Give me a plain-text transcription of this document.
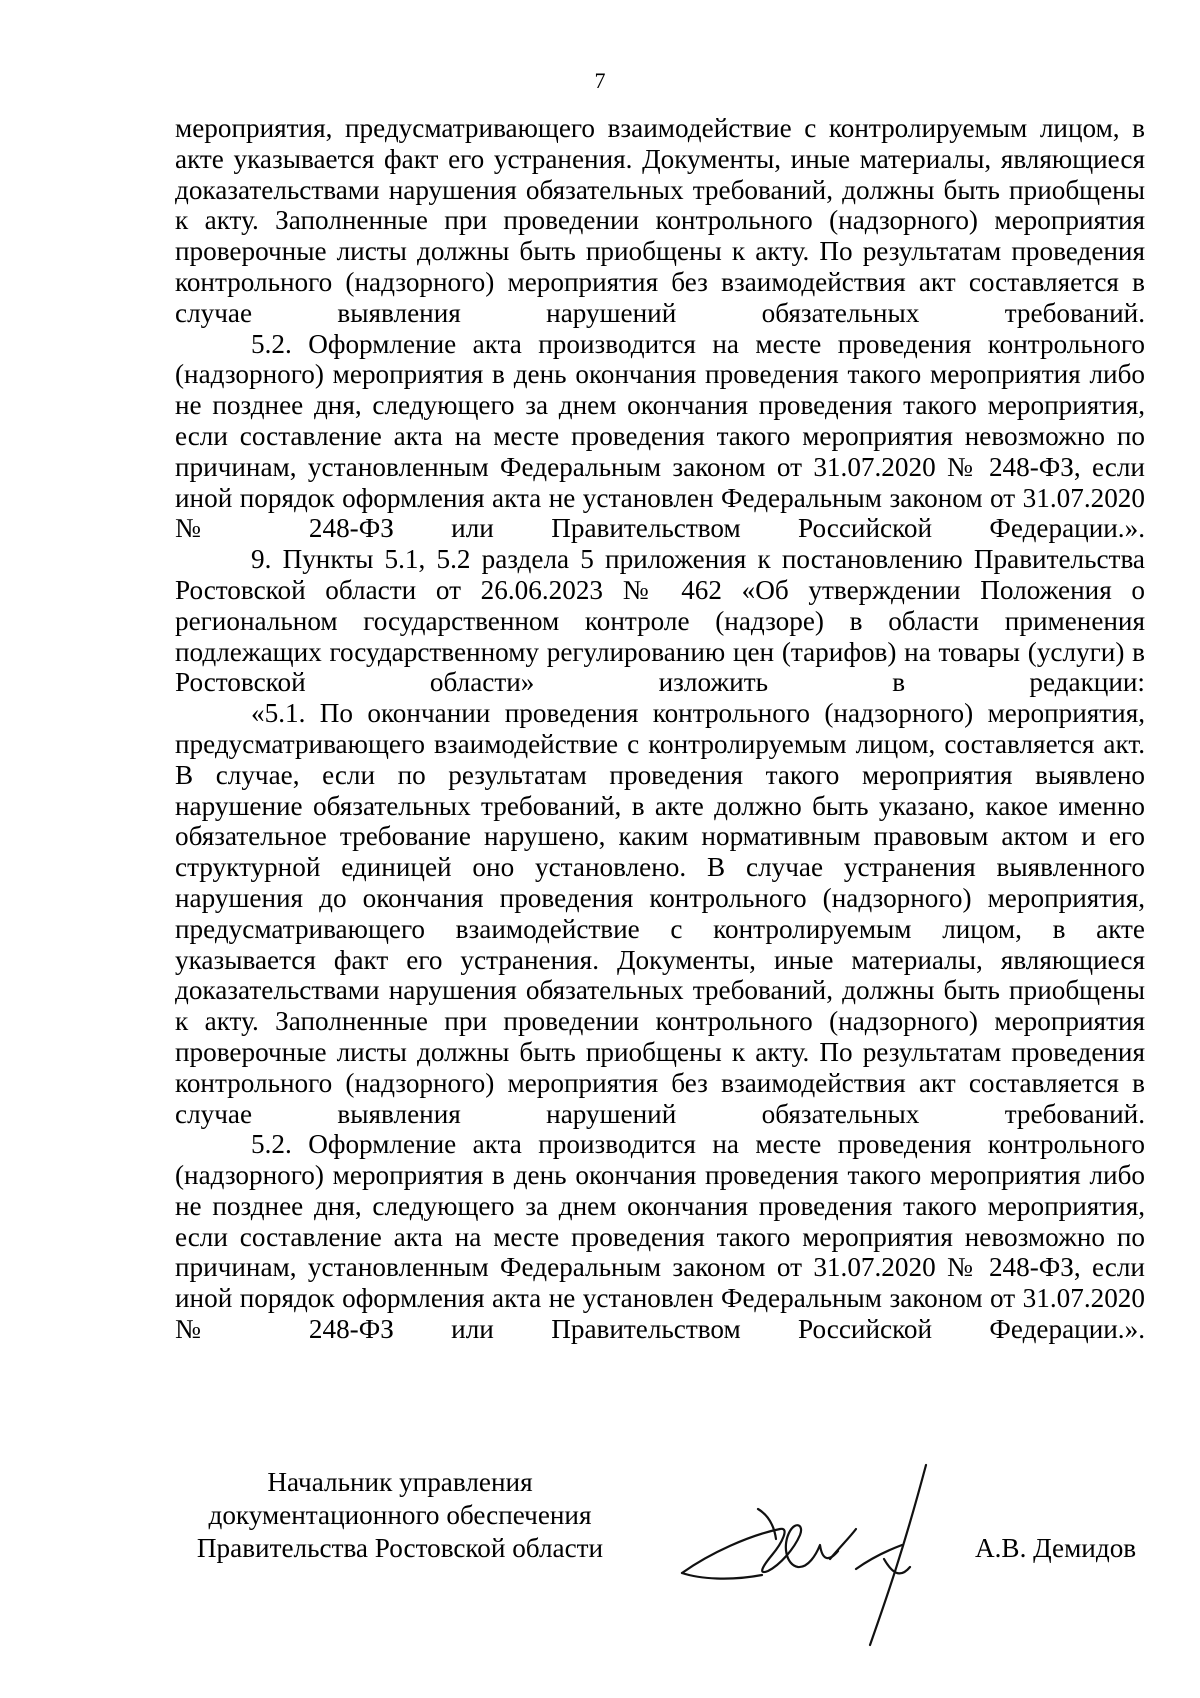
7

мероприятия, предусматривающего взаимодействие с контролируемым лицом, в акте указывается факт его устранения. Документы, иные материалы, являющиеся доказательствами нарушения обязательных требований, должны быть приобщены к акту. Заполненные при проведении контрольного (надзорного) мероприятия проверочные листы должны быть приобщены к акту. По результатам проведения контрольного (надзорного) мероприятия без взаимодействия акт составляется в случае выявления нарушений обязательных требований.

5.2. Оформление акта производится на месте проведения контрольного (надзорного) мероприятия в день окончания проведения такого мероприятия либо не позднее дня, следующего за днем окончания проведения такого мероприятия, если составление акта на месте проведения такого мероприятия невозможно по причинам, установленным Федеральным законом от 31.07.2020 № 248-ФЗ, если иной порядок оформления акта не установлен Федеральным законом от 31.07.2020 № 248-ФЗ или Правительством Российской Федерации.».

9. Пункты 5.1, 5.2 раздела 5 приложения к постановлению Правительства Ростовской области от 26.06.2023 № 462 «Об утверждении Положения о региональном государственном контроле (надзоре) в области применения подлежащих государственному регулированию цен (тарифов) на товары (услуги) в Ростовской области» изложить в редакции:

«5.1. По окончании проведения контрольного (надзорного) мероприятия, предусматривающего взаимодействие с контролируемым лицом, составляется акт. В случае, если по результатам проведения такого мероприятия выявлено нарушение обязательных требований, в акте должно быть указано, какое именно обязательное требование нарушено, каким нормативным правовым актом и его структурной единицей оно установлено. В случае устранения выявленного нарушения до окончания проведения контрольного (надзорного) мероприятия, предусматривающего взаимодействие с контролируемым лицом, в акте указывается факт его устранения. Документы, иные материалы, являющиеся доказательствами нарушения обязательных требований, должны быть приобщены к акту. Заполненные при проведении контрольного (надзорного) мероприятия проверочные листы должны быть приобщены к акту. По результатам проведения контрольного (надзорного) мероприятия без взаимодействия акт составляется в случае выявления нарушений обязательных требований.

5.2. Оформление акта производится на месте проведения контрольного (надзорного) мероприятия в день окончания проведения такого мероприятия либо не позднее дня, следующего за днем окончания проведения такого мероприятия, если составление акта на месте проведения такого мероприятия невозможно по причинам, установленным Федеральным законом от 31.07.2020 № 248-ФЗ, если иной порядок оформления акта не установлен Федеральным законом от 31.07.2020 № 248-ФЗ или Правительством Российской Федерации.».

Начальник управления
документационного обеспечения
Правительства Ростовской области	А.В. Демидов
